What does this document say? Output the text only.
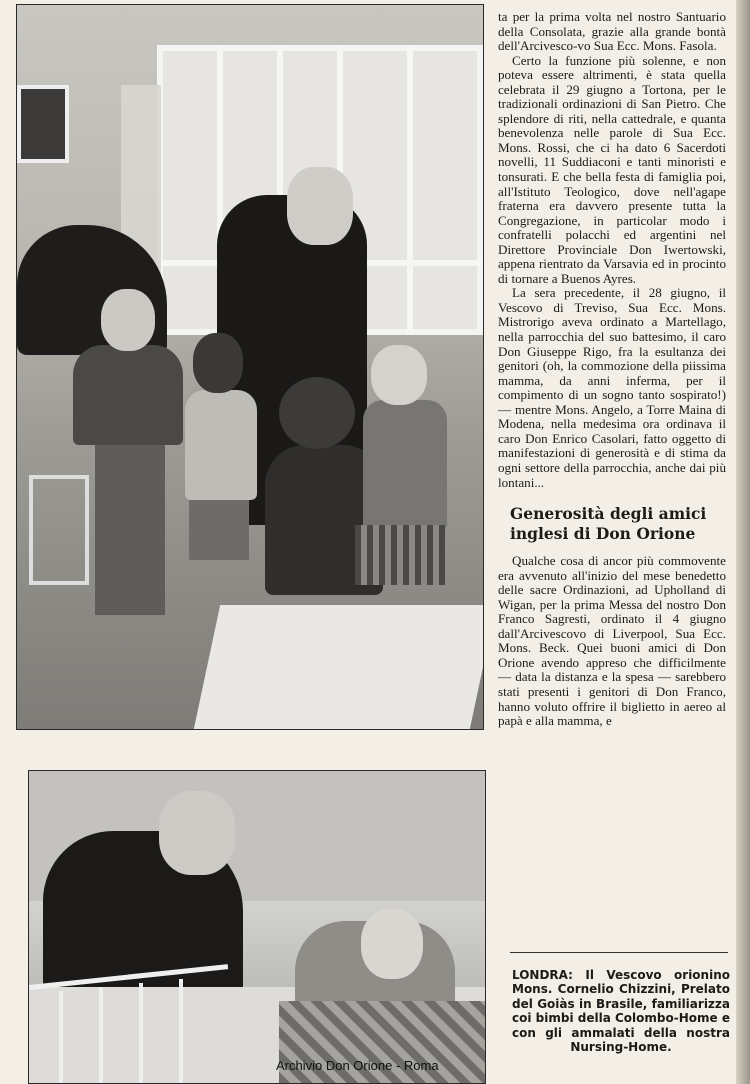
ta per la prima volta nel nostro Santuario della Consolata, grazie alla grande bontà dell'Arcivesco-vo Sua Ecc. Mons. Fasola.

Certo la funzione più solenne, e non poteva essere altrimenti, è stata quella celebrata il 29 giugno a Tortona, per le tradizionali ordinazioni di San Pietro. Che splendore di riti, nella cattedrale, e quanta benevolenza nelle parole di Sua Ecc. Mons. Rossi, che ci ha dato 6 Sacerdoti novelli, 11 Suddiaconi e tanti minoristi e tonsurati. E che bella festa di famiglia poi, all'Istituto Teologico, dove nell'agape fraterna era davvero presente tutta la Congregazione, in particolar modo i confratelli polacchi ed argentini nel Direttore Provinciale Don Iwertowski, appena rientrato da Varsavia ed in procinto di tornare a Buenos Ayres.

La sera precedente, il 28 giugno, il Vescovo di Treviso, Sua Ecc. Mons. Mistrorigo aveva ordinato a Martellago, nella parrocchia del suo battesimo, il caro Don Giuseppe Rigo, fra la esultanza dei genitori (oh, la commozione della piissima mamma, da anni inferma, per il compimento di un sogno tanto sospirato!) — mentre Mons. Angelo, a Torre Maina di Modena, nella medesima ora ordinava il caro Don Enrico Casolari, fatto oggetto di manifestazioni di generosità e di stima da ogni settore della parrocchia, anche dai più lontani...

Generosità degli amici inglesi di Don Orione

Qualche cosa di ancor più commovente era avvenuto all'inizio del mese benedetto delle sacre Ordinazioni, ad Upholland di Wigan, per la prima Messa del nostro Don Franco Sagresti, ordinato il 4 giugno dall'Arcivescovo di Liverpool, Sua Ecc. Mons. Beck. Quei buoni amici di Don Orione avendo appreso che difficilmente — data la distanza e la spesa — sarebbero stati presenti i genitori di Don Franco, hanno voluto offrire il biglietto in aereo al papà e alla mamma, e

LONDRA: Il Vescovo orionino Mons. Cornelio Chizzini, Prelato del Goiàs in Brasile, familiarizza coi bimbi della Colombo-Home e con gli ammalati della nostra Nursing-Home.
Archivio Don Orione - Roma
